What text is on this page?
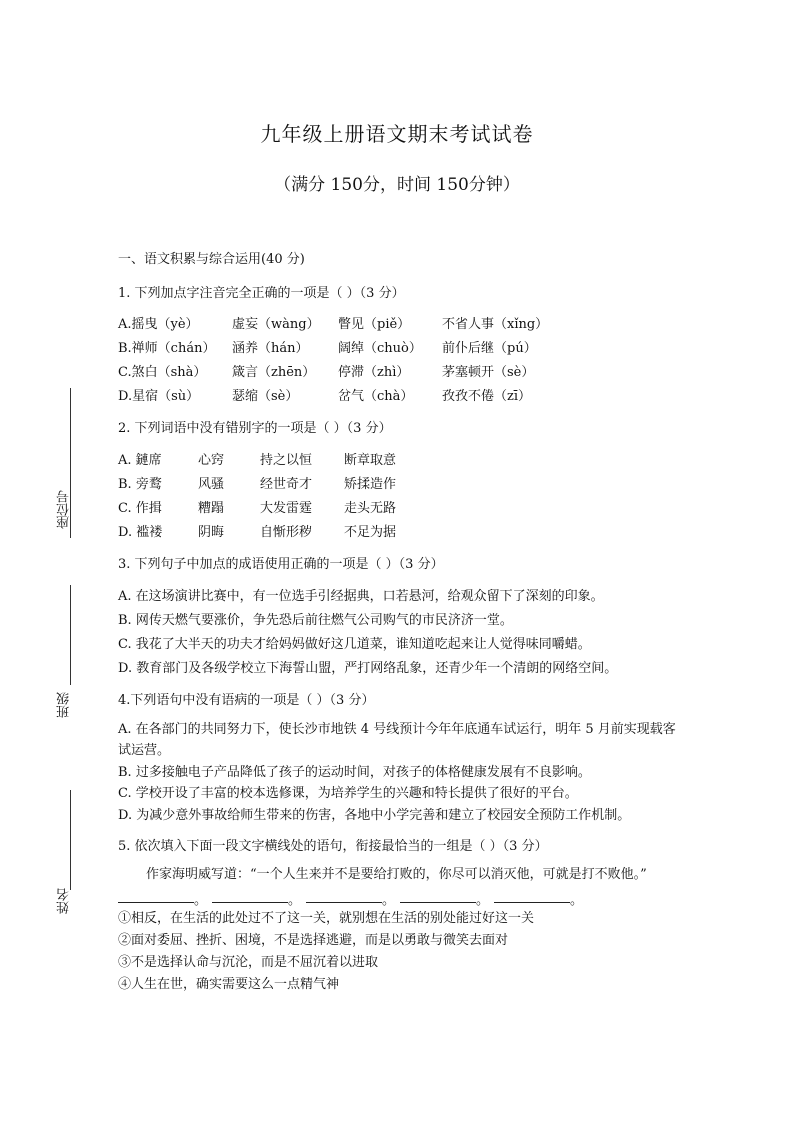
座位号
班级
姓名
九年级上册语文期末考试试卷
（满分 150分，时间 150分钟）
一、语文积累与综合运用(40 分)
1. 下列加点字注音完全正确的一项是（ ）（3 分）
A.摇曳（yè）	虚妄（wàng） 瞥见（piě） 不省人事（xǐng）
B.禅师（chán） 涵养（hán） 阔绰（chuò） 前仆后继（pú）
C.煞白（shà） 箴言（zhēn） 停滞（zhì）	茅塞顿开（sè）
D.星宿（sù）	瑟缩（sè）	岔气（chà） 孜孜不倦（zī）
2. 下列词语中没有错别字的一项是（ ）（3 分）
A. 鏈席	心窍	持之以恒 断章取意
B. 旁鹜	风骚	经世奇才 矫揉造作
C. 作揖	糟蹋	大发雷霆 走头无路
D. 褴褛	阴晦	自惭形秽 不足为据
3. 下列句子中加点的成语使用正确的一项是（ ）（3 分）
A. 在这场演讲比赛中，有一位选手引经据典，口若悬河，给观众留下了深刻的印象。
B. 网传天燃气要涨价，争先恐后前往燃气公司购气的市民济济一堂。
C. 我花了大半天的功夫才给妈妈做好这几道菜，谁知道吃起来让人觉得味同嚼蜡。
D. 教育部门及各级学校立下海誓山盟，严打网络乱象，还青少年一个清朗的网络空间。
4.下列语句中没有语病的一项是（ ）（3 分）
A. 在各部门的共同努力下，使长沙市地铁 4 号线预计今年年底通车试运行，明年 5 月前实现载客
试运营。
B. 过多接触电子产品降低了孩子的运动时间，对孩子的体格健康发展有不良影响。
C. 学校开设了丰富的校本选修课，为培养学生的兴趣和特长提供了很好的平台。
D. 为减少意外事故给师生带来的伤害，各地中小学完善和建立了校园安全预防工作机制。
5. 依次填入下面一段文字横线处的语句，衔接最恰当的一组是（ ）（3 分）
作家海明威写道：“一个人生来并不是要给打败的，你尽可以消灭他，可就是打不败他。”
。	。	。	。	。
①相反，在生活的此处过不了这一关，就别想在生活的别处能过好这一关
②面对委屈、挫折、困境，不是选择逃避，而是以勇敢与微笑去面对
③不是选择认命与沉沦，而是不屈沉着以进取
④人生在世，确实需要这么一点精气神
